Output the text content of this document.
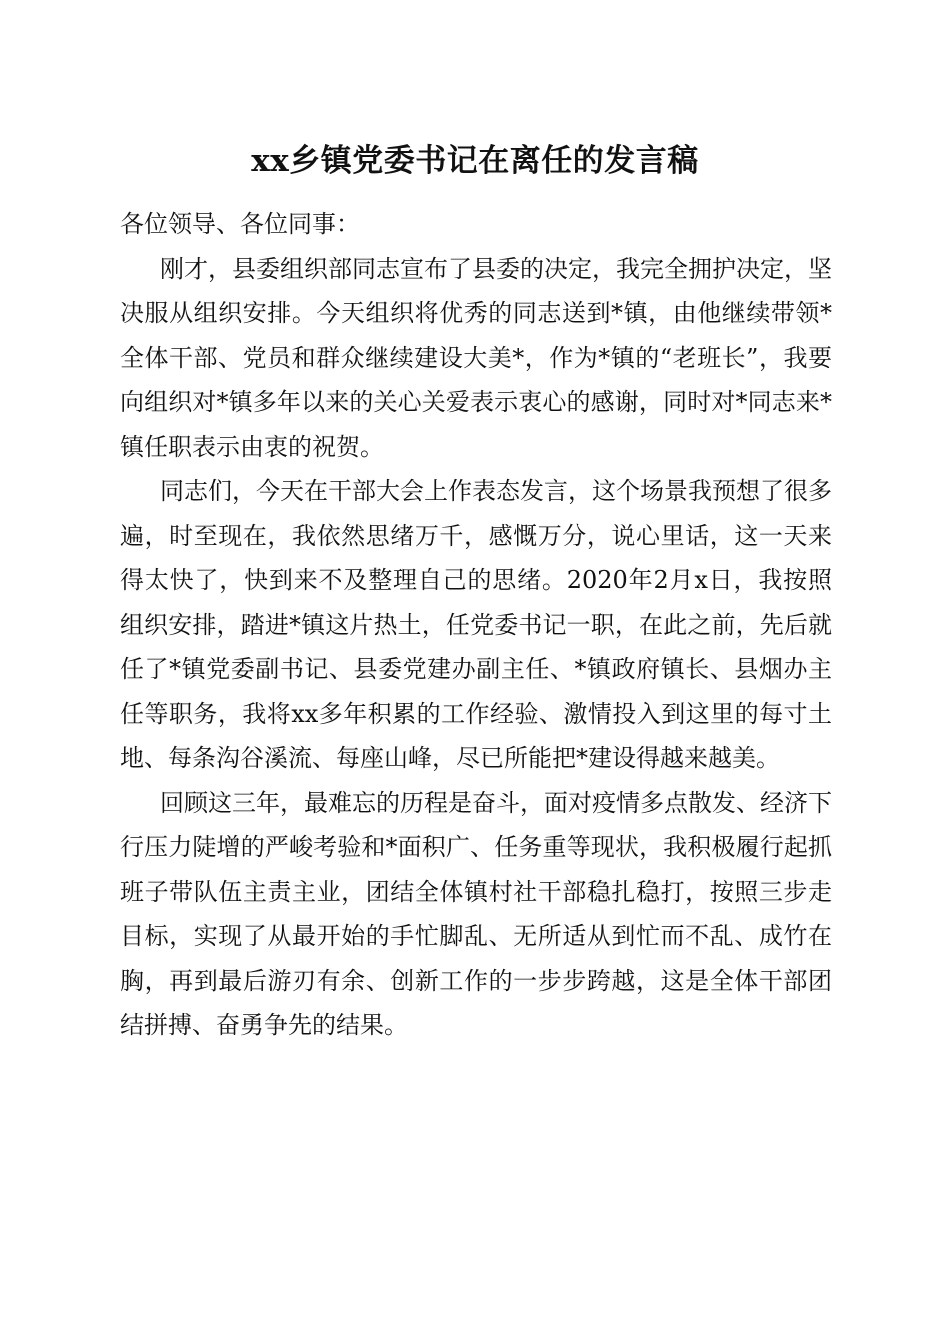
xx乡镇党委书记在离任的发言稿

各位领导、各位同事：

刚才，县委组织部同志宣布了县委的决定，我完全拥护决定，坚决服从组织安排。今天组织将优秀的同志送到*镇，由他继续带领*全体干部、党员和群众继续建设大美*，作为*镇的“老班长”，我要向组织对*镇多年以来的关心关爱表示衷心的感谢，同时对*同志来*镇任职表示由衷的祝贺。

同志们，今天在干部大会上作表态发言，这个场景我预想了很多遍，时至现在，我依然思绪万千，感慨万分，说心里话，这一天来得太快了，快到来不及整理自己的思绪。2020年2月x日，我按照组织安排，踏进*镇这片热土，任党委书记一职，在此之前，先后就任了*镇党委副书记、县委党建办副主任、*镇政府镇长、县烟办主任等职务，我将xx多年积累的工作经验、激情投入到这里的每寸土地、每条沟谷溪流、每座山峰，尽已所能把*建设得越来越美。

回顾这三年，最难忘的历程是奋斗，面对疫情多点散发、经济下行压力陡增的严峻考验和*面积广、任务重等现状，我积极履行起抓班子带队伍主责主业，团结全体镇村社干部稳扎稳打，按照三步走目标，实现了从最开始的手忙脚乱、无所适从到忙而不乱、成竹在胸，再到最后游刃有余、创新工作的一步步跨越，这是全体干部团结拼搏、奋勇争先的结果。
